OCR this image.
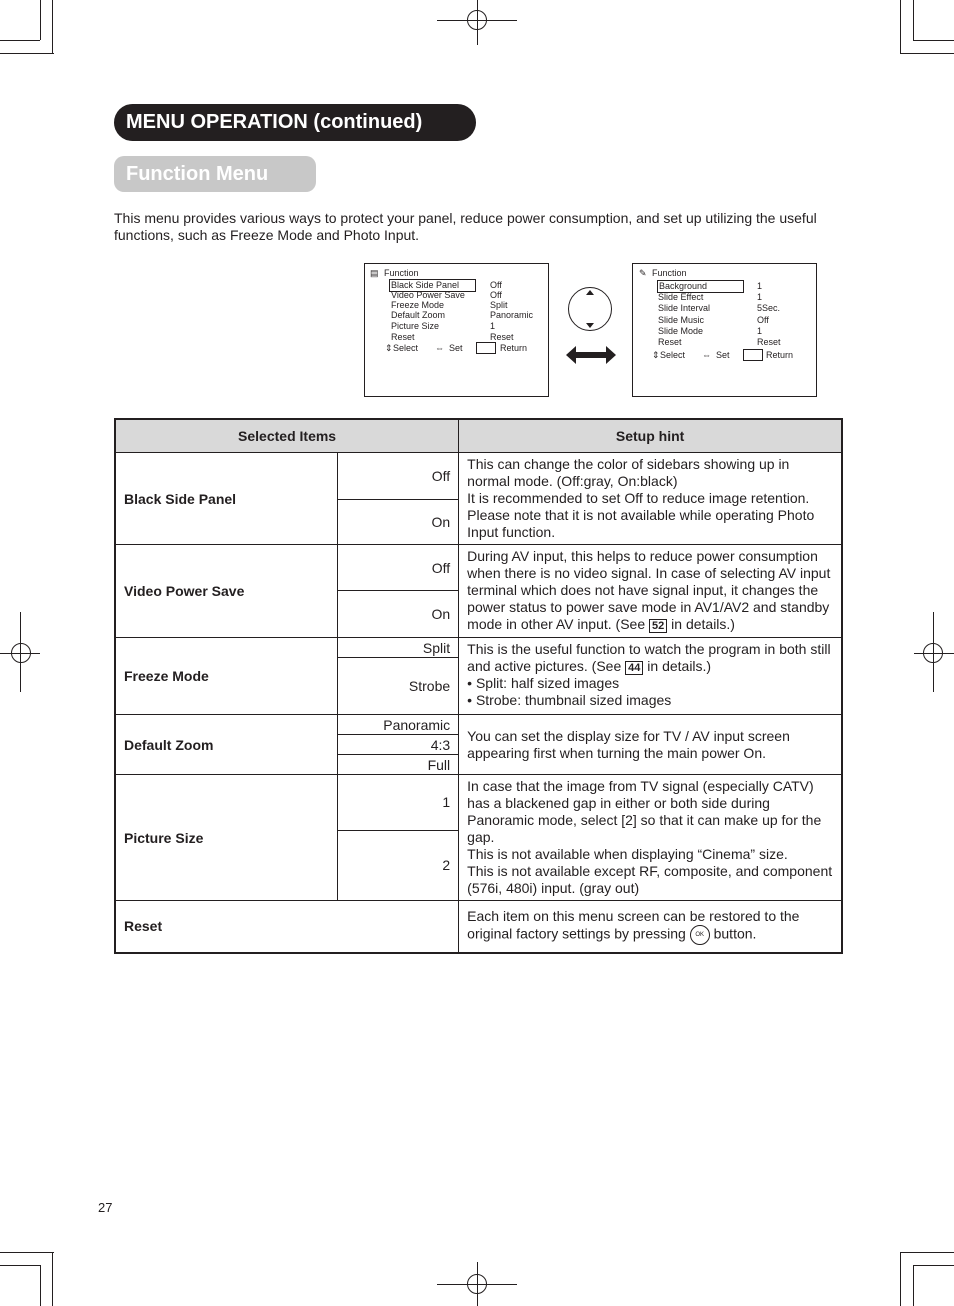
MENU OPERATION (continued)
Function Menu
This menu provides various ways to protect your panel, reduce power consumption, and set up utilizing the useful functions, such as Freeze Mode and Photo Input.
▤ Function
Black Side Panel	Off
Video Power Save	Off
Freeze Mode	Split
Default Zoom	Panoramic
Picture Size	1
Reset	Reset
⇕ Select ⇔ Set	Return
✎ Function
Background	1
Slide Effect	1
Slide Interval	5Sec.
Slide Music	Off
Slide Mode	1
Reset	Reset
⇕ Select ⇔ Set	Return
Selected Items		Setup hint
Black Side Panel	Off	This can change the color of sidebars showing up in normal mode. (Off:gray, On:black)
It is recommended to set Off to reduce image retention. Please note that it is not available while operating Photo Input function.

	On	
Video Power Save	Off	During AV input, this helps to reduce power consumption when there is no video signal. In case of selecting AV input terminal which does not have signal input, it changes the power status to power save mode in AV1/AV2 and standby mode in other AV input. (See 52 in details.)
	On	
Freeze Mode	Split	This is the useful function to watch the program in both still and active pictures. (See 44 in details.)
• Split: half sized images
• Strobe: thumbnail sized images

	Strobe	
Default Zoom	Panoramic	You can set the display size for TV / AV input screen appearing first when turning the main power On.

	4:3	
	Full	
Picture Size	1	In case that the image from TV signal (especially CATV) has a blackened gap in either or both side during Panoramic mode, select [2] so that it can make up for the gap.
This is not available when displaying “Cinema” size.
This is not available except RF, composite, and component (576i, 480i) input. (gray out)

	2	
Reset		Each item on this menu screen can be restored to the original factory settings by pressing OK button.
27
